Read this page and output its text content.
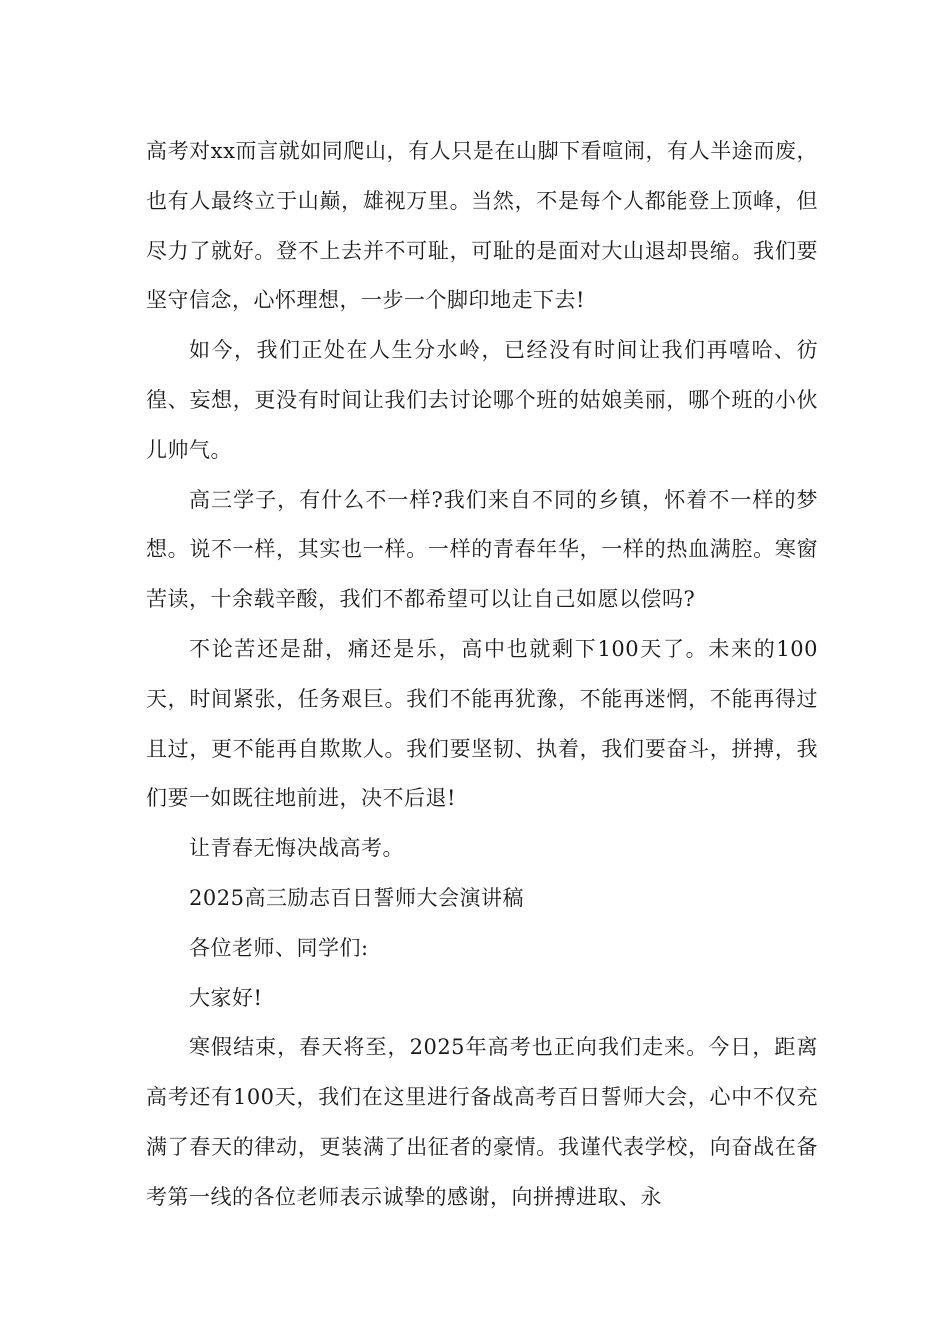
高考对xx而言就如同爬山，有人只是在山脚下看喧闹，有人半途而废，也有人最终立于山巅，雄视万里。当然，不是每个人都能登上顶峰，但尽力了就好。登不上去并不可耻，可耻的是面对大山退却畏缩。我们要坚守信念，心怀理想，一步一个脚印地走下去!

如今，我们正处在人生分水岭，已经没有时间让我们再嘻哈、彷徨、妄想，更没有时间让我们去讨论哪个班的姑娘美丽，哪个班的小伙儿帅气。

高三学子，有什么不一样?我们来自不同的乡镇，怀着不一样的梦想。说不一样，其实也一样。一样的青春年华，一样的热血满腔。寒窗苦读，十余载辛酸，我们不都希望可以让自己如愿以偿吗?

不论苦还是甜，痛还是乐，高中也就剩下100天了。未来的100天，时间紧张，任务艰巨。我们不能再犹豫，不能再迷惘，不能再得过且过，更不能再自欺欺人。我们要坚韧、执着，我们要奋斗，拼搏，我们要一如既往地前进，决不后退!

让青春无悔决战高考。

2025高三励志百日誓师大会演讲稿

各位老师、同学们:

大家好!

寒假结束，春天将至，2025年高考也正向我们走来。今日，距离高考还有100天，我们在这里进行备战高考百日誓师大会，心中不仅充满了春天的律动，更装满了出征者的豪情。我谨代表学校，向奋战在备考第一线的各位老师表示诚挚的感谢，向拼搏进取、永
